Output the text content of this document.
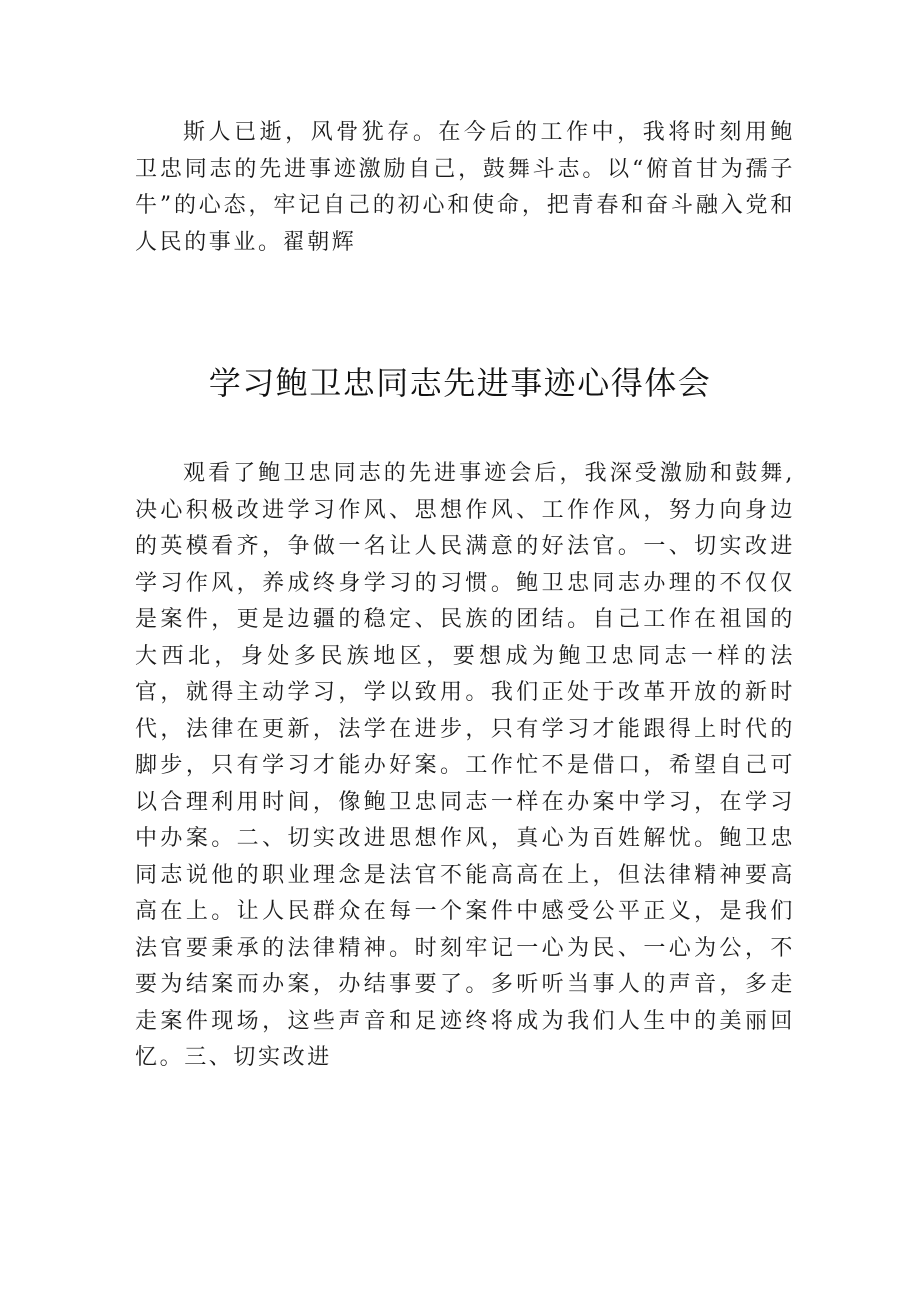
斯人已逝，风骨犹存。在今后的工作中，我将时刻用鲍卫忠同志的先进事迹激励自己，鼓舞斗志。以“俯首甘为孺子牛”的心态，牢记自己的初心和使命，把青春和奋斗融入党和人民的事业。翟朝辉

学习鲍卫忠同志先进事迹心得体会

观看了鲍卫忠同志的先进事迹会后，我深受激励和鼓舞,决心积极改进学习作风、思想作风、工作作风，努力向身边的英模看齐，争做一名让人民满意的好法官。一、切实改进学习作风，养成终身学习的习惯。鲍卫忠同志办理的不仅仅是案件，更是边疆的稳定、民族的团结。自己工作在祖国的大西北，身处多民族地区，要想成为鲍卫忠同志一样的法官，就得主动学习，学以致用。我们正处于改革开放的新时代，法律在更新，法学在进步，只有学习才能跟得上时代的脚步，只有学习才能办好案。工作忙不是借口，希望自己可以合理利用时间，像鲍卫忠同志一样在办案中学习，在学习中办案。二、切实改进思想作风，真心为百姓解忧。鲍卫忠同志说他的职业理念是法官不能高高在上，但法律精神要高高在上。让人民群众在每一个案件中感受公平正义，是我们法官要秉承的法律精神。时刻牢记一心为民、一心为公，不要为结案而办案，办结事要了。多听听当事人的声音，多走走案件现场，这些声音和足迹终将成为我们人生中的美丽回忆。三、切实改进
